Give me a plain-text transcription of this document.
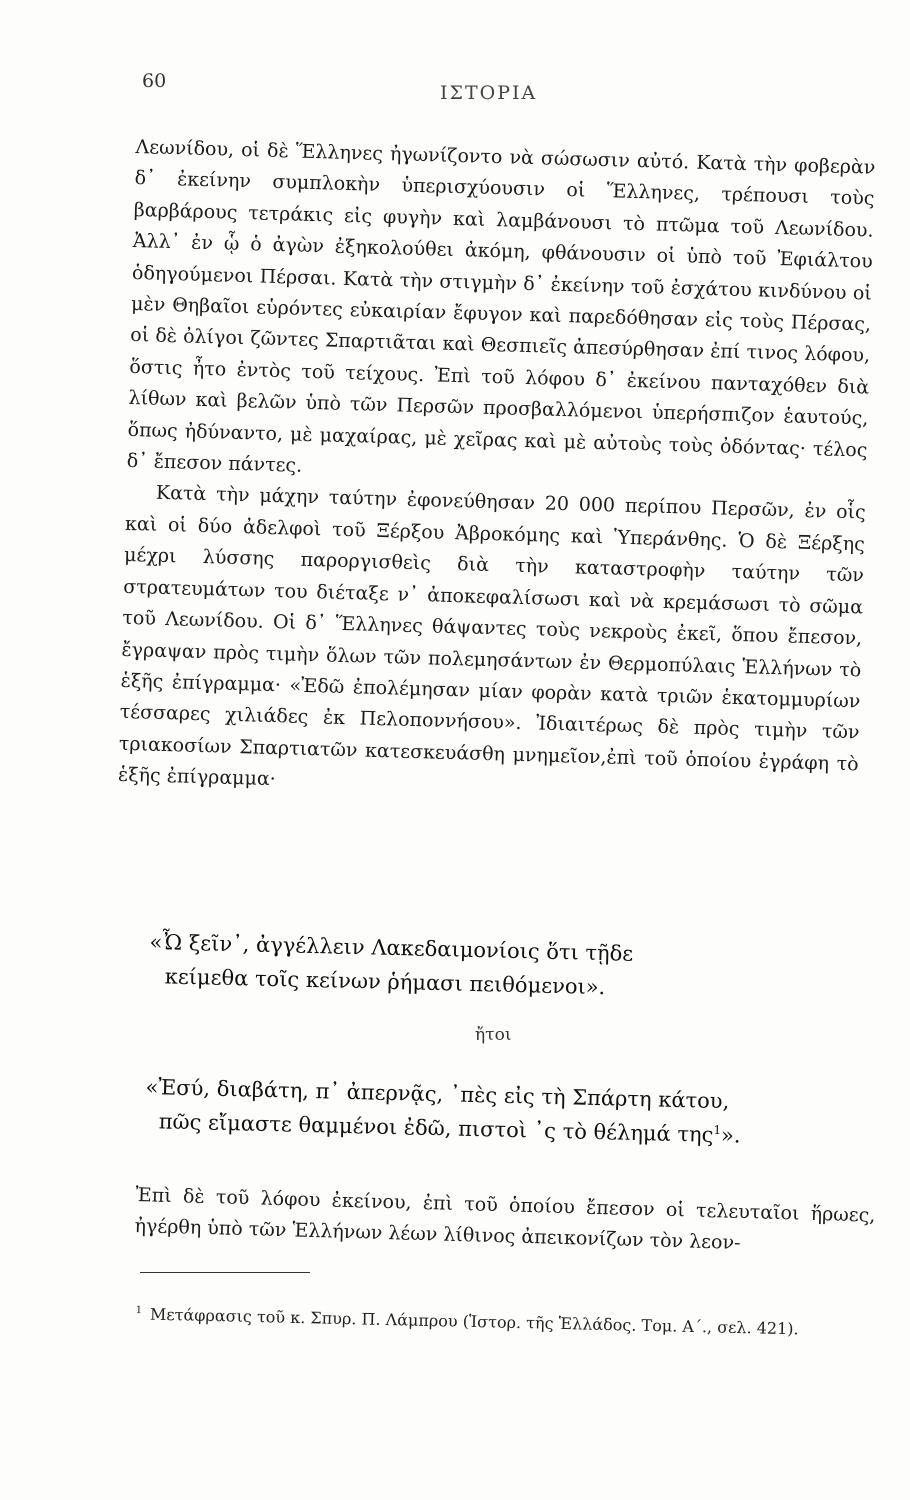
60
ΙΣΤΟΡΙΑ

Λεωνίδου, οἱ δὲ Ἕλληνες ἠγωνίζοντο νὰ σώσωσιν αὐτό. Κατὰ τὴν φοβερὰν δ᾽ ἐκείνην συμπλοκὴν ὑπερισχύουσιν οἱ Ἕλληνες, τρέπουσι τοὺς βαρβάρους τετράκις εἰς φυγὴν καὶ λαμβάνουσι τὸ πτῶμα τοῦ Λεωνίδου. Ἀλλ᾽ ἐν ᾧ ὁ ἀγὼν ἐξηκολούθει ἀκόμη, φθάνουσιν οἱ ὑπὸ τοῦ Ἐφιάλτου ὁδηγούμενοι Πέρσαι. Κατὰ τὴν στιγμὴν δ᾽ ἐκείνην τοῦ ἐσχάτου κινδύνου οἱ μὲν Θηβαῖοι εὑρόντες εὐκαιρίαν ἔφυγον καὶ παρεδόθησαν εἰς τοὺς Πέρσας, οἱ δὲ ὀλίγοι ζῶντες Σπαρτιᾶται καὶ Θεσπιεῖς ἀπεσύρθησαν ἐπί τινος λόφου, ὅστις ἦτο ἐντὸς τοῦ τείχους. Ἐπὶ τοῦ λόφου δ᾽ ἐκείνου πανταχόθεν διὰ λίθων καὶ βελῶν ὑπὸ τῶν Περσῶν προσβαλλόμενοι ὑπερήσπιζον ἑαυτούς, ὅπως ἠδύναντο, μὲ μαχαίρας, μὲ χεῖρας καὶ μὲ αὐτοὺς τοὺς ὀδόντας· τέλος δ᾽ ἔπεσον πάντες.

Κατὰ τὴν μάχην ταύτην ἐφονεύθησαν 20 000 περίπου Περσῶν, ἐν οἷς καὶ οἱ δύο ἀδελφοὶ τοῦ Ξέρξου Ἀβροκόμης καὶ Ὑπεράνθης. Ὁ δὲ Ξέρξης μέχρι λύσσης παροργισθεὶς διὰ τὴν καταστροφὴν ταύτην τῶν στρατευμάτων του διέταξε ν᾽ ἀποκεφαλίσωσι καὶ νὰ κρεμάσωσι τὸ σῶμα τοῦ Λεωνίδου. Οἱ δ᾽ Ἕλληνες θάψαντες τοὺς νεκροὺς ἐκεῖ, ὅπου ἔπεσον, ἔγραψαν πρὸς τιμὴν ὅλων τῶν πολεμησάντων ἐν Θερμοπύλαις Ἑλλήνων τὸ ἑξῆς ἐπίγραμμα· «Ἐδῶ ἐπολέμησαν μίαν φορὰν κατὰ τριῶν ἑκατομμυρίων τέσσαρες χιλιάδες ἐκ Πελοποννήσου». Ἰδιαιτέρως δὲ πρὸς τιμὴν τῶν τριακοσίων Σπαρτιατῶν κατεσκευάσθη μνημεῖον,ἐπὶ τοῦ ὁποίου ἐγράφη τὸ ἑξῆς ἐπίγραμμα·

«Ὦ ξεῖν᾽, ἀγγέλλειν Λακεδαιμονίοις ὅτι τῇδε
κείμεθα τοῖς κείνων ῥήμασι πειθόμενοι».
ἤτοι
«Ἐσύ, διαβάτη, π᾽ ἀπερνᾷς, ᾽πὲς εἰς τὴ Σπάρτη κάτου,
πῶς εἴμαστε θαμμένοι ἐδῶ, πιστοὶ ᾽ς τὸ θέλημά της$^1$».

Ἐπὶ δὲ τοῦ λόφου ἐκείνου, ἐπὶ τοῦ ὁποίου ἔπεσον οἱ τελευταῖοι ἥρωες, ἠγέρθη ὑπὸ τῶν Ἑλλήνων λέων λίθινος ἀπεικονίζων τὸν λεον-

$^1$ Μετάφρασις τοῦ κ. Σπυρ. Π. Λάμπρου (Ἱστορ. τῆς Ἑλλάδος. Τομ. Α΄., σελ. 421).
